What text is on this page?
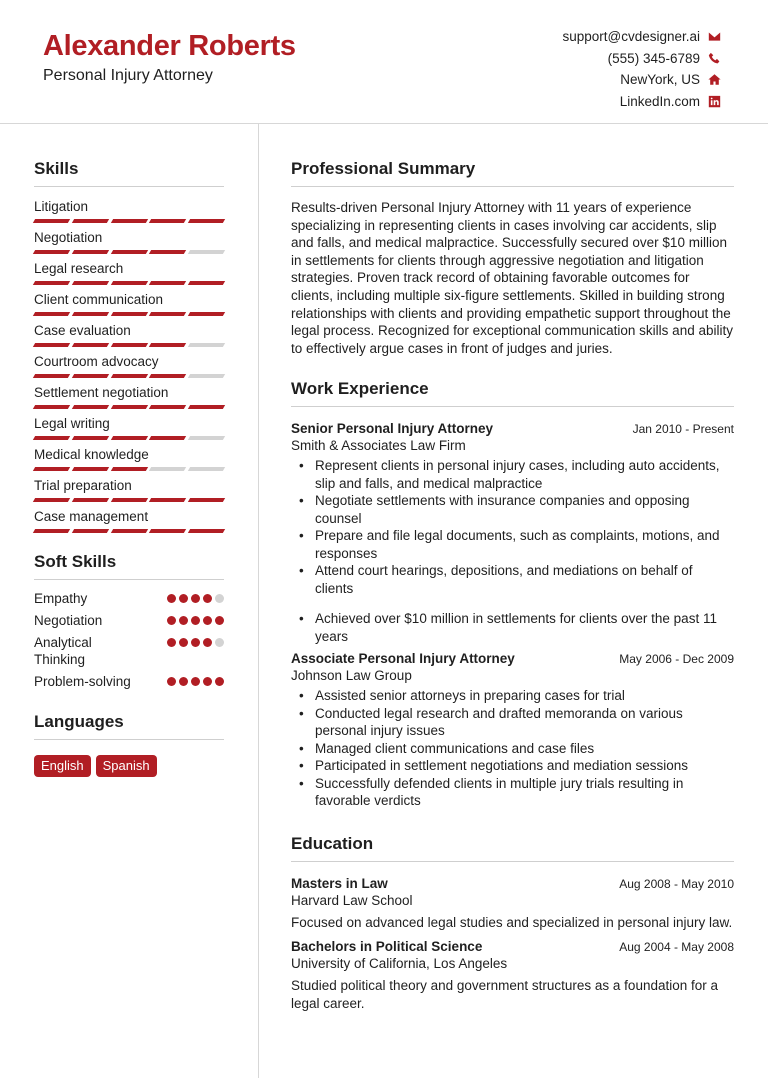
Alexander Roberts
Personal Injury Attorney
support@cvdesigner.ai
(555) 345-6789
NewYork, US
LinkedIn.com
Skills
Litigation
Negotiation
Legal research
Client communication
Case evaluation
Courtroom advocacy
Settlement negotiation
Legal writing
Medical knowledge
Trial preparation
Case management
Soft Skills
Empathy
Negotiation
Analytical Thinking
Problem-solving
Languages
English	Spanish
Professional Summary
Results-driven Personal Injury Attorney with 11 years of experience specializing in representing clients in cases involving car accidents, slip and falls, and medical malpractice. Successfully secured over $10 million in settlements for clients through aggressive negotiation and litigation strategies. Proven track record of obtaining favorable outcomes for clients, including multiple six-figure settlements. Skilled in building strong relationships with clients and providing empathetic support throughout the legal process. Recognized for exceptional communication skills and ability to effectively argue cases in front of judges and juries.
Work Experience
Senior Personal Injury Attorney	Jan 2010 - Present
Smith & Associates Law Firm
• Represent clients in personal injury cases, including auto accidents, slip and falls, and medical malpractice
• Negotiate settlements with insurance companies and opposing counsel
• Prepare and file legal documents, such as complaints, motions, and responses
• Attend court hearings, depositions, and mediations on behalf of clients
• Achieved over $10 million in settlements for clients over the past 11 years
Associate Personal Injury Attorney	May 2006 - Dec 2009
Johnson Law Group
• Assisted senior attorneys in preparing cases for trial
• Conducted legal research and drafted memoranda on various personal injury issues
• Managed client communications and case files
• Participated in settlement negotiations and mediation sessions
• Successfully defended clients in multiple jury trials resulting in favorable verdicts
Education
Masters in Law	Aug 2008 - May 2010
Harvard Law School
Focused on advanced legal studies and specialized in personal injury law.
Bachelors in Political Science	Aug 2004 - May 2008
University of California, Los Angeles
Studied political theory and government structures as a foundation for a legal career.
